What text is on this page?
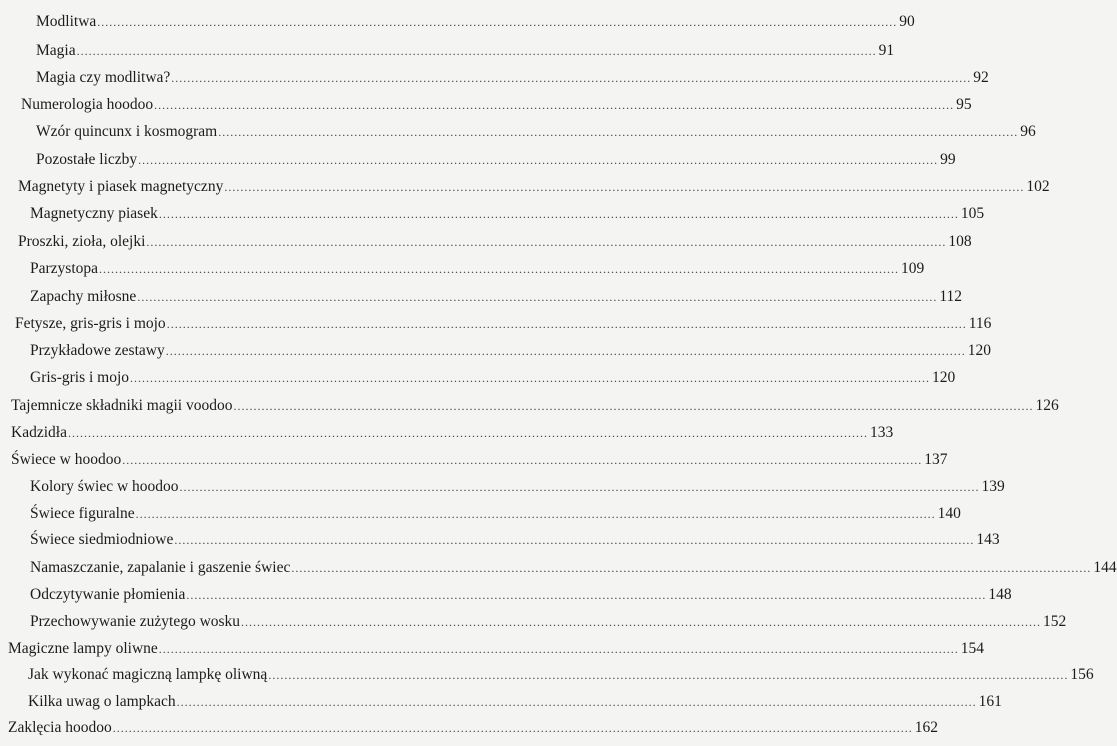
Modlitwa .....	90
Magia .....	91
Magia czy modlitwa? .....	92
Numerologia hoodoo .....	95
Wzór quincunx i kosmogram .....	96
Pozostałe liczby .....	99
Magnetyty i piasek magnetyczny .....	102
Magnetyczny piasek .....	105
Proszki, zioła, olejki .....	108
Parzystopa .....	109
Zapachy miłosne .....	112
Fetysze, gris-gris i mojo .....	116
Przykładowe zestawy .....	120
Gris-gris i mojo .....	120
Tajemnicze składniki magii voodoo .....	126
Kadzidła .....	133
Świece w hoodoo .....	137
Kolory świec w hoodoo .....	139
Świece figuralne .....	140
Świece siedmiodniowe .....	143
Namaszczanie, zapalanie i gaszenie świec .....	144
Odczytywanie płomienia .....	148
Przechowywanie zużytego wosku .....	152
Magiczne lampy oliwne .....	154
Jak wykonać magiczną lampkę oliwną .....	156
Kilka uwag o lampkach .....	161
Zaklęcia hoodoo .....	162
